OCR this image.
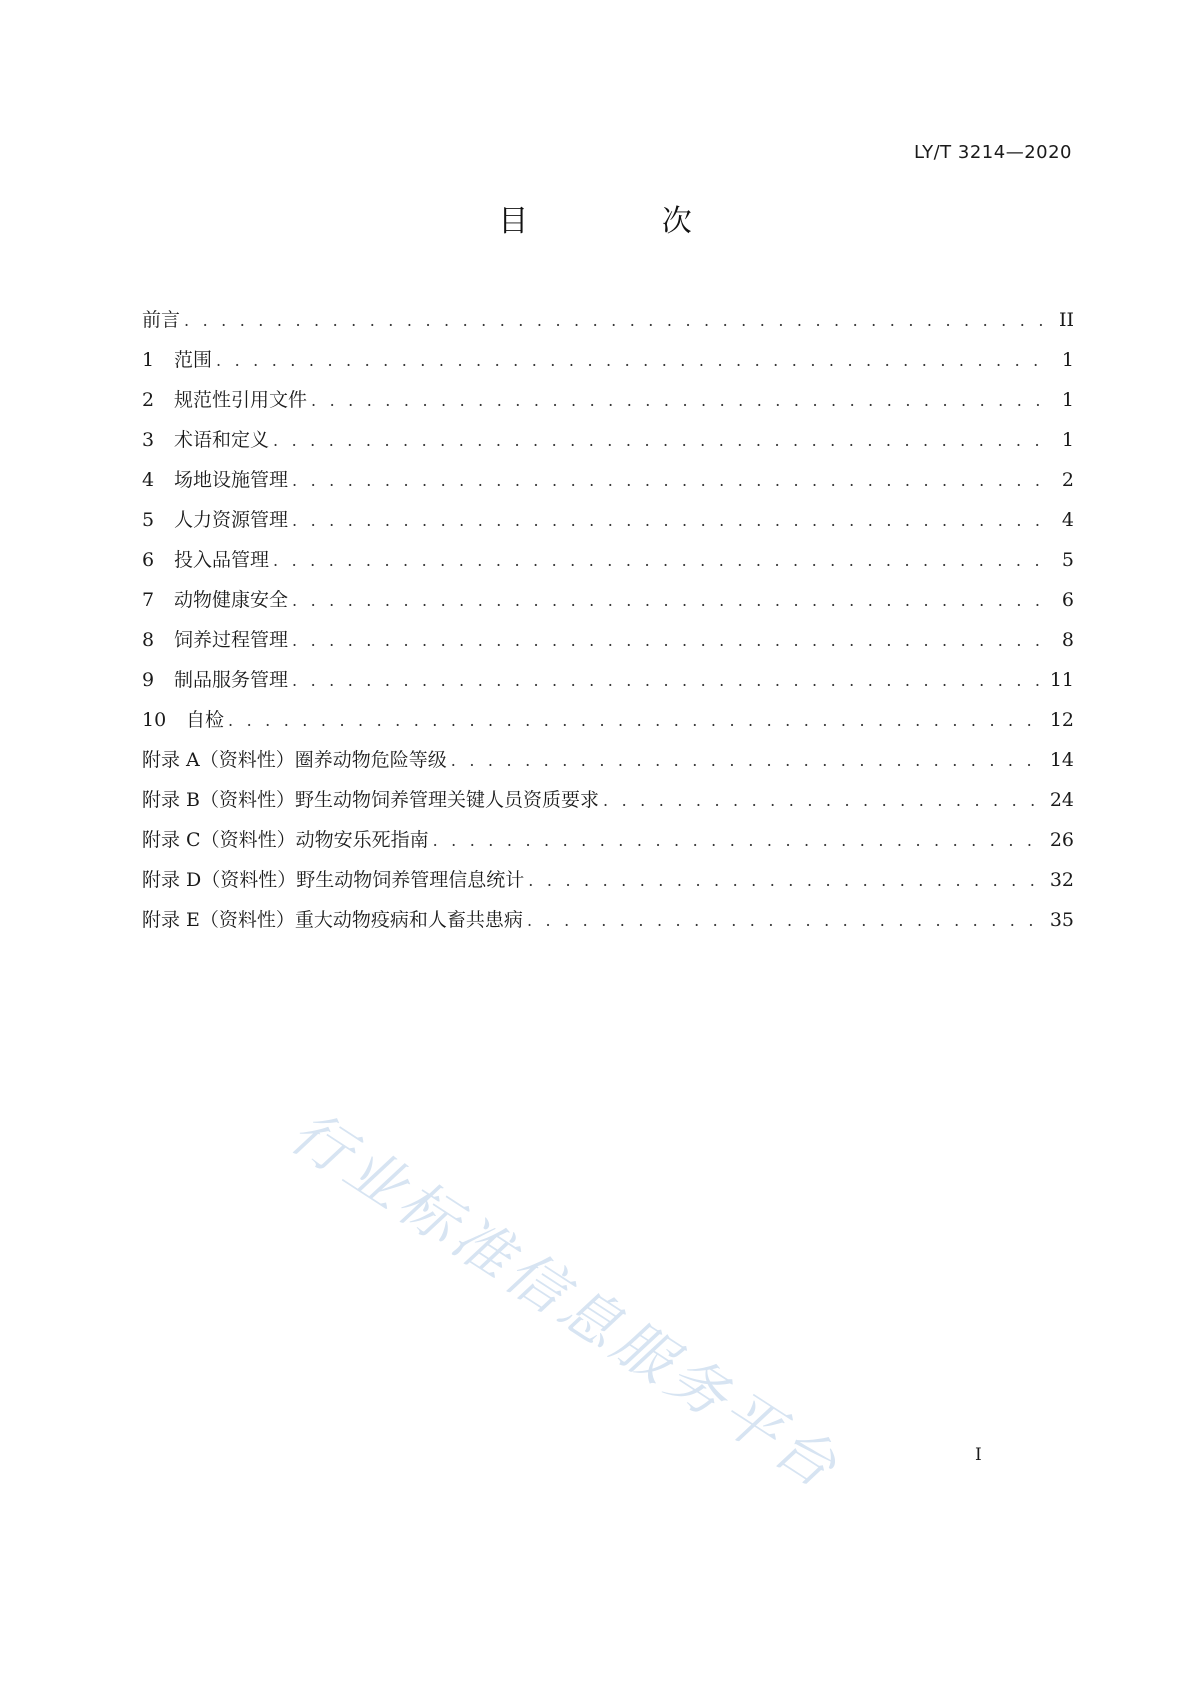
LY/T 3214—2020
目 次
前言 . . .	II
1	范围 . . .	1
2	规范性引用文件 . . .	1
3	术语和定义 . . .	1
4	场地设施管理 . . .	2
5	人力资源管理 . . .	4
6	投入品管理 . . .	5
7	动物健康安全 . . .	6
8	饲养过程管理 . . .	8
9	制品服务管理 . . .	11
10	自检 . . .	12
附录 A（资料性） 圈养动物危险等级 . . .	14
附录 B（资料性） 野生动物饲养管理关键人员资质要求 . . .	24
附录 C（资料性） 动物安乐死指南 . . .	26
附录 D（资料性） 野生动物饲养管理信息统计 . . .	32
附录 E（资料性） 重大动物疫病和人畜共患病 . . .	35
行业标准信息服务平台	I
